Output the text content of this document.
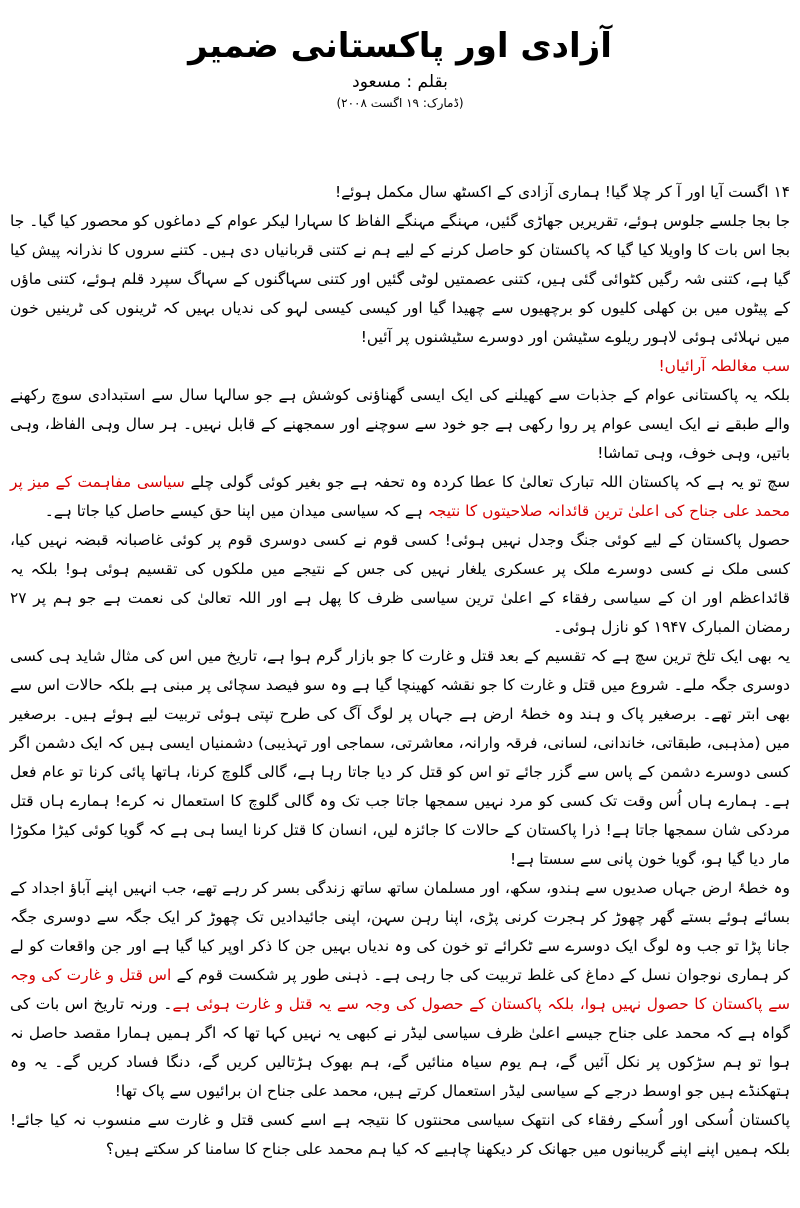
آزادی اور پاکستانی ضمیر
بقلم : مسعود
(ڈمارک: ۱۹ اگست ۲۰۰۸)

۱۴ اگست آیا اور آ کر چلا گیا! ہماری آزادی کے اکسٹھ سال مکمل ہوئے!

جا بجا جلسے جلوس ہوئے، تقریریں جھاڑی گئیں، مہنگے مہنگے الفاظ کا سہارا لیکر عوام کے دماغوں کو محصور کیا گیا۔ جا بجا اس بات کا واویلا کیا گیا کہ پاکستان کو حاصل کرنے کے لیے ہم نے کتنی قربانیاں دی ہیں۔ کتنے سروں کا نذرانہ پیش کیا گیا ہے، کتنی شہ رگیں کٹوائی گئی ہیں، کتنی عصمتیں لوٹی گئیں اور کتنی سہاگنوں کے سہاگ سپرد قلم ہوئے، کتنی ماؤں کے پیٹوں میں بن کھلی کلیوں کو برچھیوں سے چھیدا گیا اور کیسی کیسی لہو کی ندیاں بہیں کہ ٹرینوں کی ٹرینیں خون میں نہلائی ہوئی لاہور ریلوے سٹیشن اور دوسرے سٹیشنوں پر آئیں!

سب مغالطہ آرائیاں!

بلکہ یہ پاکستانی عوام کے جذبات سے کھیلنے کی ایک ایسی گھناؤنی کوشش ہے جو سالہا سال سے استبدادی سوچ رکھنے والے طبقے نے ایک ایسی عوام پر روا رکھی ہے جو خود سے سوچنے اور سمجھنے کے قابل نہیں۔ ہر سال وہی الفاظ، وہی باتیں، وہی خوف، وہی تماشا!

سچ تو یہ ہے کہ پاکستان اللہ تبارک تعالیٰ کا عطا کردہ وہ تحفہ ہے جو بغیر کوئی گولی چلے سیاسی مفاہمت کے میز پر محمد علی جناح کی اعلیٰ ترین قائدانہ صلاحیتوں کا نتیجہ ہے کہ سیاسی میدان میں اپنا حق کیسے حاصل کیا جاتا ہے۔

حصول پاکستان کے لیے کوئی جنگ وجدل نہیں ہوئی! کسی قوم نے کسی دوسری قوم پر کوئی غاصبانہ قبضہ نہیں کیا، کسی ملک نے کسی دوسرے ملک پر عسکری یلغار نہیں کی جس کے نتیجے میں ملکوں کی تقسیم ہوئی ہو! بلکہ یہ قائداعظم اور ان کے سیاسی رفقاء کے اعلیٰ ترین سیاسی ظرف کا پھل ہے اور اللہ تعالیٰ کی نعمت ہے جو ہم پر ۲۷ رمضان المبارک ۱۹۴۷ کو نازل ہوئی۔

یہ بھی ایک تلخ ترین سچ ہے کہ تقسیم کے بعد قتل و غارت کا جو بازار گرم ہوا ہے، تاریخ میں اس کی مثال شاید ہی کسی دوسری جگہ ملے۔ شروع میں قتل و غارت کا جو نقشہ کھینچا گیا ہے وہ سو فیصد سچائی پر مبنی ہے بلکہ حالات اس سے بھی ابتر تھے۔ برصغیر پاک و ہند وہ خطۂ ارض ہے جہاں پر لوگ آگ کی طرح تپتی ہوئی تربیت لیے ہوئے ہیں۔ برصغیر میں (مذہبی، طبقاتی، خاندانی، لسانی، فرقہ وارانہ، معاشرتی، سماجی اور تہذیبی) دشمنیاں ایسی ہیں کہ ایک دشمن اگر کسی دوسرے دشمن کے پاس سے گزر جائے تو اس کو قتل کر دیا جاتا رہا ہے، گالی گلوچ کرنا، ہاتھا پائی کرنا تو عام فعل ہے۔ ہمارے ہاں اُس وقت تک کسی کو مرد نہیں سمجھا جاتا جب تک وہ گالی گلوچ کا استعمال نہ کرے! ہمارے ہاں قتل مردکی شان سمجھا جاتا ہے! ذرا پاکستان کے حالات کا جائزہ لیں، انسان کا قتل کرنا ایسا ہی ہے کہ گویا کوئی کیڑا مکوڑا مار دیا گیا ہو، گویا خون پانی سے سستا ہے!

وہ خطۂ ارض جہاں صدیوں سے ہندو، سکھ، اور مسلمان ساتھ ساتھ زندگی بسر کر رہے تھے، جب انہیں اپنے آباؤ اجداد کے بسائے ہوئے بستے گھر چھوڑ کر ہجرت کرنی پڑی، اپنا رہن سہن، اپنی جائیدادیں تک چھوڑ کر ایک جگہ سے دوسری جگہ جانا پڑا تو جب وہ لوگ ایک دوسرے سے ٹکرائے تو خون کی وہ ندیاں بہیں جن کا ذکر اوپر کیا گیا ہے اور جن واقعات کو لے کر ہماری نوجوان نسل کے دماغ کی غلط تربیت کی جا رہی ہے۔ ذہنی طور پر شکست قوم کے اس قتل و غارت کی وجہ سے پاکستان کا حصول نہیں ہوا، بلکہ پاکستان کے حصول کی وجہ سے یہ قتل و غارت ہوئی ہے۔ ورنہ تاریخ اس بات کی گواہ ہے کہ محمد علی جناح جیسے اعلیٰ ظرف سیاسی لیڈر نے کبھی یہ نہیں کہا تھا کہ اگر ہمیں ہمارا مقصد حاصل نہ ہوا تو ہم سڑکوں پر نکل آئیں گے، ہم یوم سیاہ منائیں گے، ہم بھوک ہڑتالیں کریں گے، دنگا فساد کریں گے۔ یہ وہ ہتھکنڈے ہیں جو اوسط درجے کے سیاسی لیڈر استعمال کرتے ہیں، محمد علی جناح ان برائیوں سے پاک تھا!

پاکستان اُسکی اور اُسکے رفقاء کی انتھک سیاسی محنتوں کا نتیجہ ہے اسے کسی قتل و غارت سے منسوب نہ کیا جائے! بلکہ ہمیں اپنے اپنے گریبانوں میں جھانک کر دیکھنا چاہیے کہ کیا ہم محمد علی جناح کا سامنا کر سکتے ہیں؟
